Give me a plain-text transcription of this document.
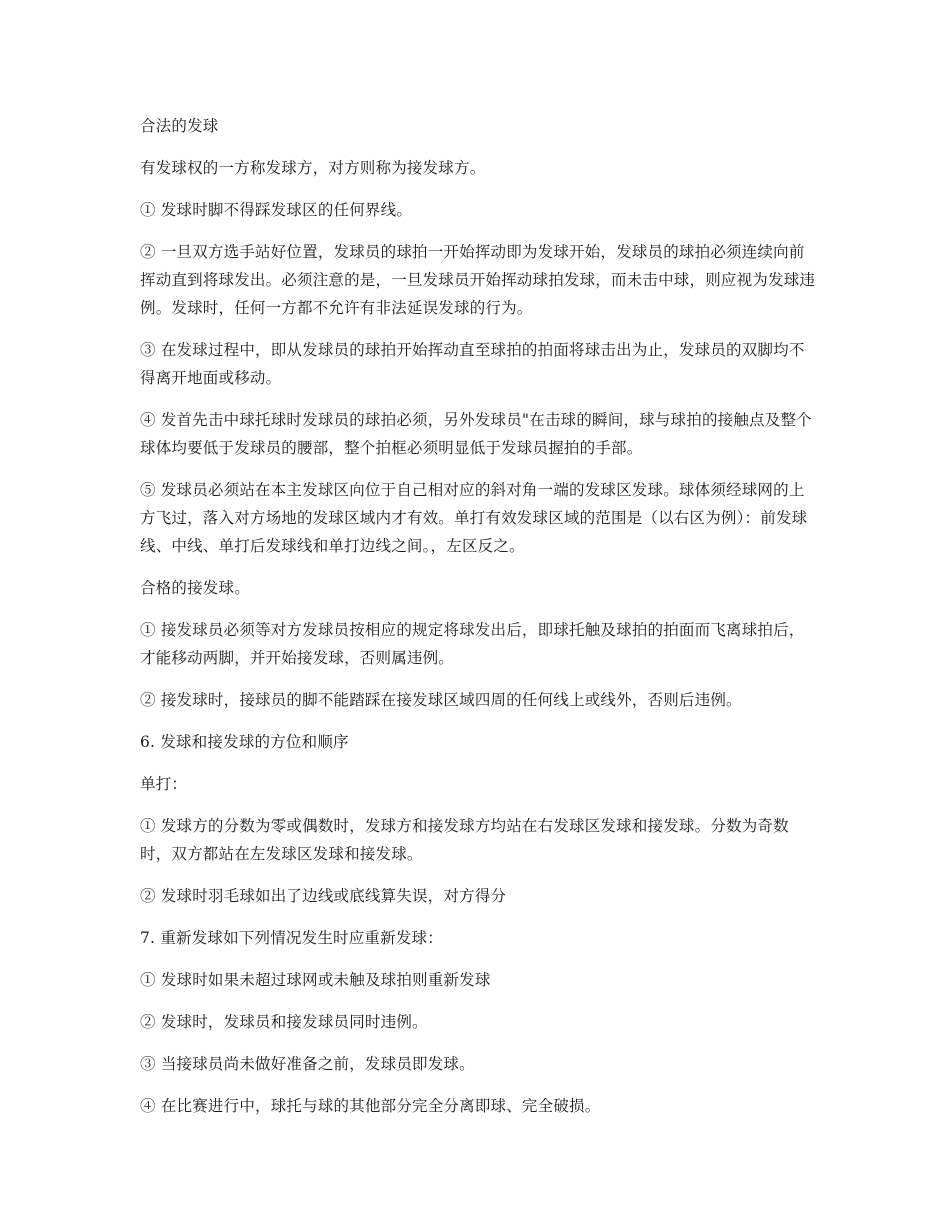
合法的发球

有发球权的一方称发球方，对方则称为接发球方。

① 发球时脚不得踩发球区的任何界线。

② 一旦双方选手站好位置，发球员的球拍一开始挥动即为发球开始，发球员的球拍必须连续向前挥动直到将球发出。必须注意的是，一旦发球员开始挥动球拍发球，而未击中球，则应视为发球违例。发球时，任何一方都不允许有非法延误发球的行为。

③ 在发球过程中，即从发球员的球拍开始挥动直至球拍的拍面将球击出为止，发球员的双脚均不得离开地面或移动。

④ 发首先击中球托球时发球员的球拍必须，另外发球员"在击球的瞬间，球与球拍的接触点及整个球体均要低于发球员的腰部，整个拍框必须明显低于发球员握拍的手部。

⑤ 发球员必须站在本主发球区向位于自己相对应的斜对角一端的发球区发球。球体须经球网的上方飞过，落入对方场地的发球区域内才有效。单打有效发球区域的范围是（以右区为例）：前发球线、中线、单打后发球线和单打边线之间。，左区反之。

合格的接发球。

① 接发球员必须等对方发球员按相应的规定将球发出后，即球托触及球拍的拍面而飞离球拍后，才能移动两脚，并开始接发球，否则属违例。

② 接发球时，接球员的脚不能踏踩在接发球区域四周的任何线上或线外，否则后违例。

6. 发球和接发球的方位和顺序

单打：

① 发球方的分数为零或偶数时，发球方和接发球方均站在右发球区发球和接发球。分数为奇数时，双方都站在左发球区发球和接发球。

② 发球时羽毛球如出了边线或底线算失误，对方得分

7. 重新发球如下列情况发生时应重新发球：

① 发球时如果未超过球网或未触及球拍则重新发球

② 发球时，发球员和接发球员同时违例。

③ 当接球员尚未做好准备之前，发球员即发球。

④ 在比赛进行中，球托与球的其他部分完全分离即球、完全破损。
